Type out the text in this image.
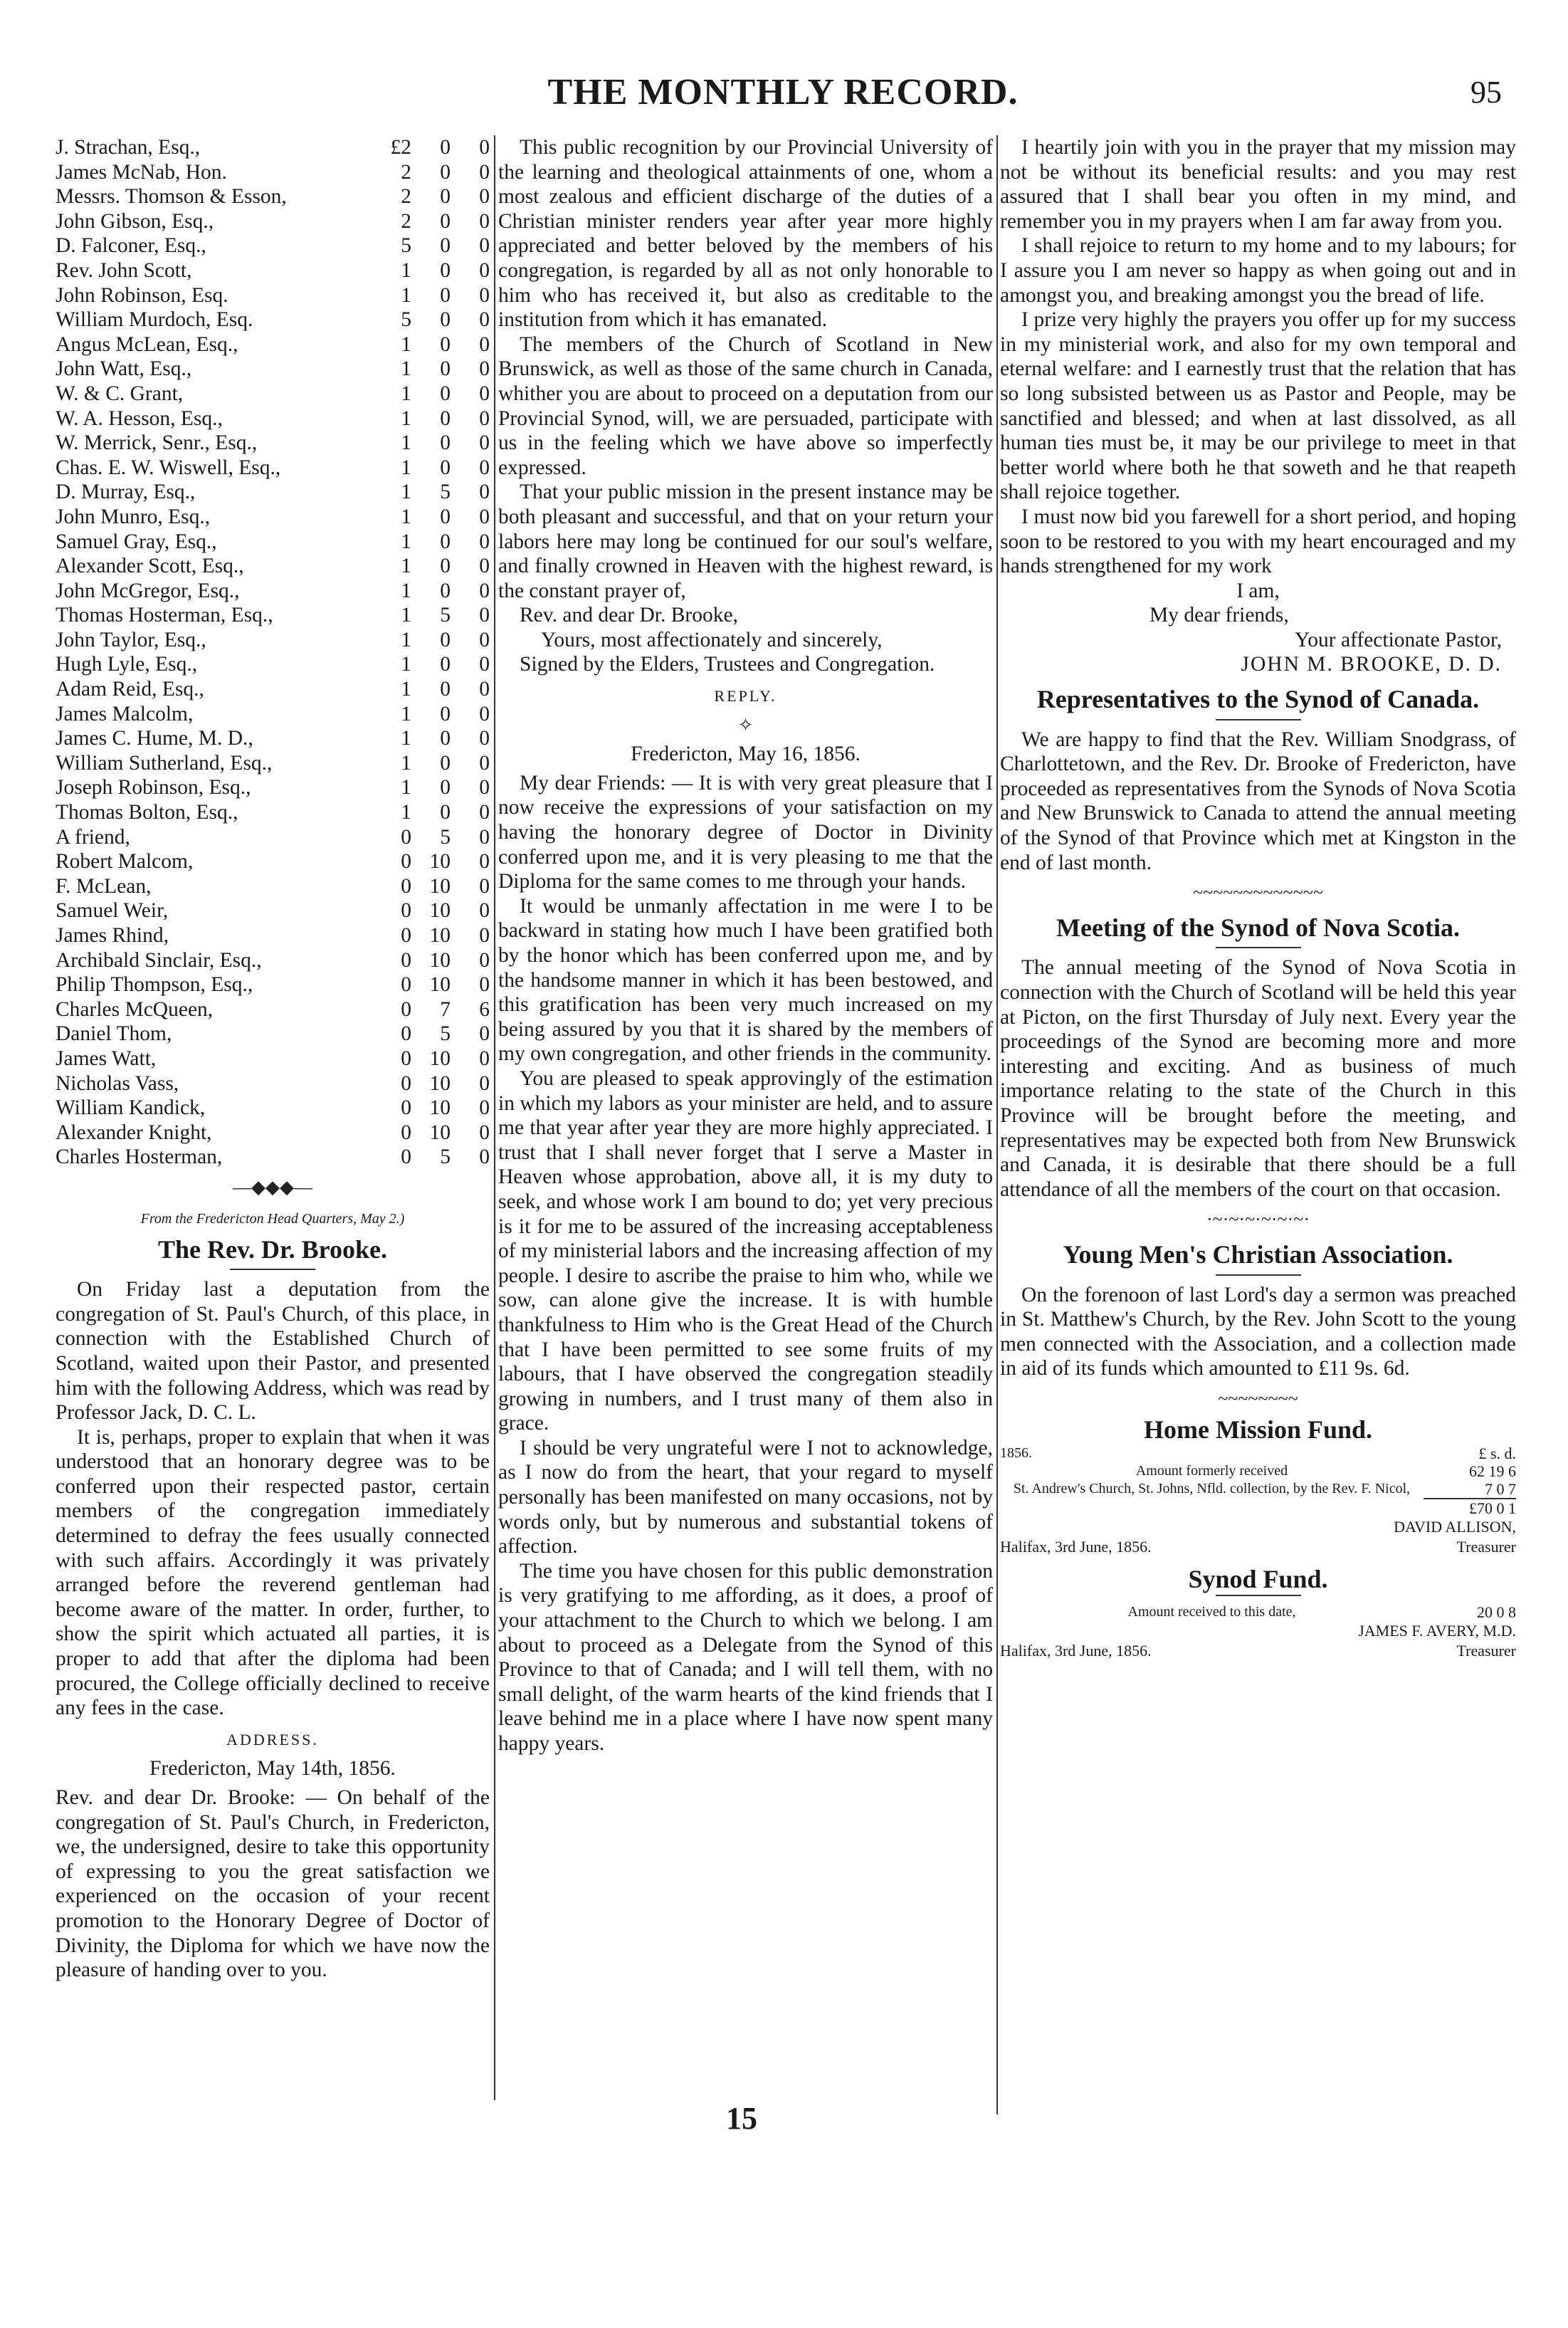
THE MONTHLY RECORD.	95
J. Strachan, Esq.,	£2	0	0
James McNab, Hon.	2	0	0
Messrs. Thomson & Esson,	2	0	0
John Gibson, Esq.,	2	0	0
D. Falconer, Esq.,	5	0	0
Rev. John Scott,	1	0	0
John Robinson, Esq.	1	0	0
William Murdoch, Esq.	5	0	0
Angus McLean, Esq.,	1	0	0
John Watt, Esq.,	1	0	0
W. & C. Grant,	1	0	0
W. A. Hesson, Esq.,	1	0	0
W. Merrick, Senr., Esq.,	1	0	0
Chas. E. W. Wiswell, Esq.,	1	0	0
D. Murray, Esq.,	1	5	0
John Munro, Esq.,	1	0	0
Samuel Gray, Esq.,	1	0	0
Alexander Scott, Esq.,	1	0	0
John McGregor, Esq.,	1	0	0
Thomas Hosterman, Esq.,	1	5	0
John Taylor, Esq.,	1	0	0
Hugh Lyle, Esq.,	1	0	0
Adam Reid, Esq.,	1	0	0
James Malcolm,	1	0	0
James C. Hume, M. D.,	1	0	0
William Sutherland, Esq.,	1	0	0
Joseph Robinson, Esq.,	1	0	0
Thomas Bolton, Esq.,	1	0	0
A friend,	0	5	0
Robert Malcom,	0 10	0
F. McLean,	0 10	0
Samuel Weir,	0 10	0
James Rhind,	0 10	0
Archibald Sinclair, Esq.,	0 10	0
Philip Thompson, Esq.,	0 10	0
Charles McQueen,	0	7	6
Daniel Thom,	0	5	0
James Watt,	0 10	0
Nicholas Vass,	0 10	0
William Kandick,	0 10	0
Alexander Knight,	0 10	0
Charles Hosterman,	0	5	0
—◆◆◆—
From the Fredericton Head Quarters, May 2.)
The Rev. Dr. Brooke.

On Friday last a deputation from the congregation of St. Paul's Church, of this place, in connection with the Established Church of Scotland, waited upon their Pastor, and presented him with the following Address, which was read by Professor Jack, D. C. L.

It is, perhaps, proper to explain that when it was understood that an honorary degree was to be conferred upon their respected pastor, certain members of the congregation immediately determined to defray the fees usually connected with such affairs. Accordingly it was privately arranged before the reverend gentleman had become aware of the matter. In order, further, to show the spirit which actuated all parties, it is proper to add that after the diploma had been procured, the College officially declined to receive any fees in the case.

ADDRESS.
Fredericton, May 14th, 1856.

Rev. and dear Dr. Brooke: — On behalf of the congregation of St. Paul's Church, in Fredericton, we, the undersigned, desire to take this opportunity of expressing to you the great satisfaction we experienced on the occasion of your recent promotion to the Honorary Degree of Doctor of Divinity, the Diploma for which we have now the pleasure of handing over to you.

This public recognition by our Provincial University of the learning and theological attainments of one, whom a most zealous and efficient discharge of the duties of a Christian minister renders year after year more highly appreciated and better beloved by the members of his congregation, is regarded by all as not only honorable to him who has received it, but also as creditable to the institution from which it has emanated.

The members of the Church of Scotland in New Brunswick, as well as those of the same church in Canada, whither you are about to proceed on a deputation from our Provincial Synod, will, we are persuaded, participate with us in the feeling which we have above so imperfectly expressed.

That your public mission in the present instance may be both pleasant and successful, and that on your return your labors here may long be continued for our soul's welfare, and finally crowned in Heaven with the highest reward, is the constant prayer of,

Rev. and dear Dr. Brooke,

Yours, most affectionately and sincerely,

Signed by the Elders, Trustees and Congregation.

REPLY.
✧
Fredericton, May 16, 1856.

My dear Friends: — It is with very great pleasure that I now receive the expressions of your satisfaction on my having the honorary degree of Doctor in Divinity conferred upon me, and it is very pleasing to me that the Diploma for the same comes to me through your hands.

It would be unmanly affectation in me were I to be backward in stating how much I have been gratified both by the honor which has been conferred upon me, and by the handsome manner in which it has been bestowed, and this gratification has been very much increased on my being assured by you that it is shared by the members of my own congregation, and other friends in the community.

You are pleased to speak approvingly of the estimation in which my labors as your minister are held, and to assure me that year after year they are more highly appreciated. I trust that I shall never forget that I serve a Master in Heaven whose approbation, above all, it is my duty to seek, and whose work I am bound to do; yet very precious is it for me to be assured of the increasing acceptableness of my ministerial labors and the increasing affection of my people. I desire to ascribe the praise to him who, while we sow, can alone give the increase. It is with humble thankfulness to Him who is the Great Head of the Church that I have been permitted to see some fruits of my labours, that I have observed the congregation steadily growing in numbers, and I trust many of them also in grace.

I should be very ungrateful were I not to acknowledge, as I now do from the heart, that your regard to myself personally has been manifested on many occasions, not by words only, but by numerous and substantial tokens of affection.

The time you have chosen for this public demonstration is very gratifying to me affording, as it does, a proof of your attachment to the Church to which we belong. I am about to proceed as a Delegate from the Synod of this Province to that of Canada; and I will tell them, with no small delight, of the warm hearts of the kind friends that I leave behind me in a place where I have now spent many happy years.

I heartily join with you in the prayer that my mission may not be without its beneficial results: and you may rest assured that I shall bear you often in my mind, and remember you in my prayers when I am far away from you.

I shall rejoice to return to my home and to my labours; for I assure you I am never so happy as when going out and in amongst you, and breaking amongst you the bread of life.

I prize very highly the prayers you offer up for my success in my ministerial work, and also for my own temporal and eternal welfare: and I earnestly trust that the relation that has so long subsisted between us as Pastor and People, may be sanctified and blessed; and when at last dissolved, as all human ties must be, it may be our privilege to meet in that better world where both he that soweth and he that reapeth shall rejoice together.

I must now bid you farewell for a short period, and hoping soon to be restored to you with my heart encouraged and my hands strengthened for my work

I am,

My dear friends,

Your affectionate Pastor,

JOHN M. BROOKE, D. D.

Representatives to the Synod of Canada.

We are happy to find that the Rev. William Snodgrass, of Charlottetown, and the Rev. Dr. Brooke of Fredericton, have proceeded as representatives from the Synods of Nova Scotia and New Brunswick to Canada to attend the annual meeting of the Synod of that Province which met at Kingston in the end of last month.

~~~~~~~~~~~~~
Meeting of the Synod of Nova Scotia.

The annual meeting of the Synod of Nova Scotia in connection with the Church of Scotland will be held this year at Picton, on the first Thursday of July next. Every year the proceedings of the Synod are becoming more and more interesting and exciting. And as business of much importance relating to the state of the Church in this Province will be brought before the meeting, and representatives may be expected both from New Brunswick and Canada, it is desirable that there should be a full attendance of all the members of the court on that occasion.

·~·~·~·~·~·~·
Young Men's Christian Association.

On the forenoon of last Lord's day a sermon was preached in St. Matthew's Church, by the Rev. John Scott to the young men connected with the Association, and a collection made in aid of its funds which amounted to £11 9s. 6d.

~~~~~~~~
Home Mission Fund.
1856.	£ s. d.
Amount formerly received	62 19 6
St. Andrew's Church, St. Johns, Nfld. collection, by the Rev. F. Nicol,	7 0 7
£70 0 1
DAVID ALLISON,
Halifax, 3rd June, 1856.	Treasurer
Synod Fund.
Amount received to this date,	20 0 8
JAMES F. AVERY, M.D.
Halifax, 3rd June, 1856.	Treasurer
15
